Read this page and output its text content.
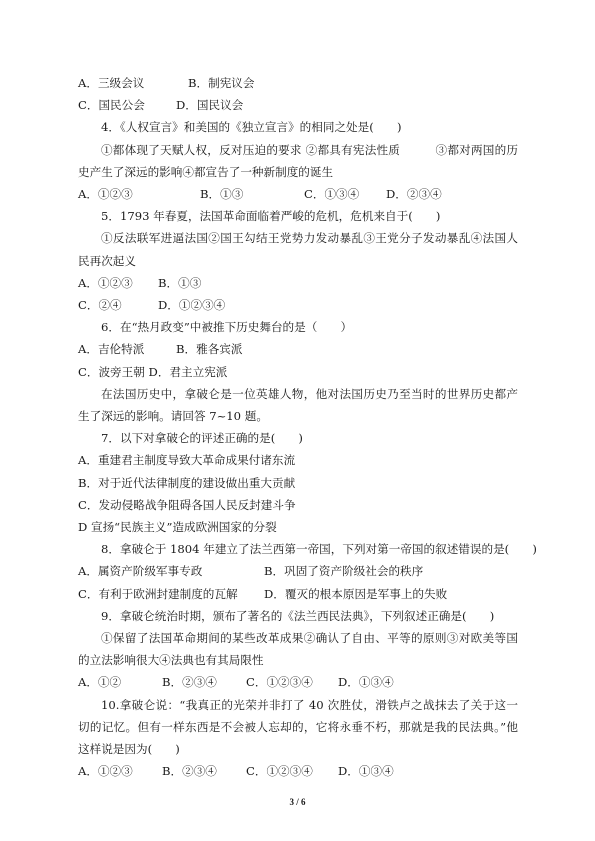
A．三级会议	B．制宪议会
C．国民公会	D．国民议会
4．《人权宣言》和美国的《独立宣言》的相同之处是(　　)
①都体现了天赋人权，反对压迫的要求 ②都具有宪法性质　　　③都对两国的历史产生了深远的影响④都宣告了一种新制度的诞生
A．①②③	B．①③	C．①③④	D．②③④
5．1793 年春夏，法国革命面临着严峻的危机，危机来自于(　　)
①反法联军进逼法国②国王勾结王党势力发动暴乱③王党分子发动暴乱④法国人民再次起义
A．①②③	B．①③
C．②④	D．①②③④
6．在“热月政变”中被推下历史舞台的是（　　）
A．吉伦特派	B．雅各宾派
C．波旁王朝 D．君主立宪派
在法国历史中，拿破仑是一位英雄人物，他对法国历史乃至当时的世界历史都产生了深远的影响。请回答 7~10 题。
7．以下对拿破仑的评述正确的是(　　)
A．重建君主制度导致大革命成果付诸东流
B．对于近代法律制度的建设做出重大贡献
C．发动侵略战争阻碍各国人民反封建斗争
D 宣扬“民族主义”造成欧洲国家的分裂
8．拿破仑于 1804 年建立了法兰西第一帝国，下列对第一帝国的叙述错误的是(　　)
A．属资产阶级军事专政	B．巩固了资产阶级社会的秩序
C．有利于欧洲封建制度的瓦解	D．覆灭的根本原因是军事上的失败
9．拿破仑统治时期，颁布了著名的《法兰西民法典》，下列叙述正确是(　　)
①保留了法国革命期间的某些改革成果②确认了自由、平等的原则③对欧美等国的立法影响很大④法典也有其局限性
A．①②	B．②③④	C．①②③④	D．①③④
10.拿破仑说：“我真正的光荣并非打了 40 次胜仗，滑铁卢之战抹去了关于这一切的记忆。但有一样东西是不会被人忘却的，它将永垂不朽，那就是我的民法典。”他这样说是因为(　　)
A．①②③	B．②③④	C．①②③④	D．①③④
3 / 6
